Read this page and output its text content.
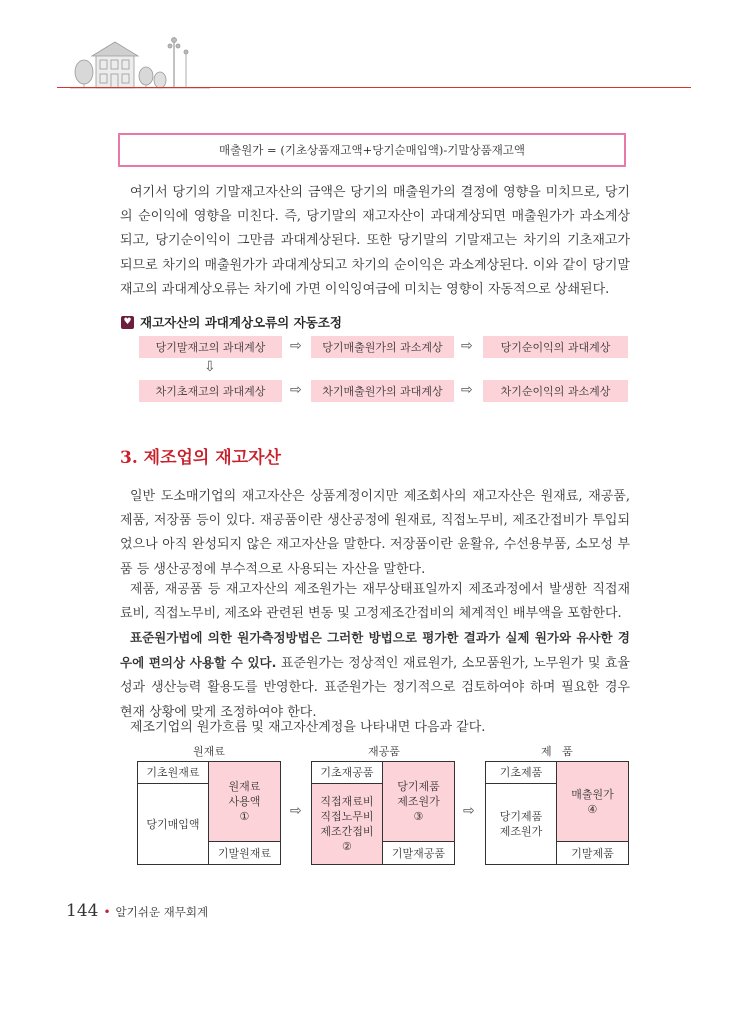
매출원가 = (기초상품재고액+당기순매입액)-기말상품재고액

여기서 당기의 기말재고자산의 금액은 당기의 매출원가의 결정에 영향을 미치므로, 당기의 순이익에 영향을 미친다. 즉, 당기말의 재고자산이 과대계상되면 매출원가가 과소계상되고, 당기순이익이 그만큼 과대계상된다. 또한 당기말의 기말재고는 차기의 기초재고가 되므로 차기의 매출원가가 과대계상되고 차기의 순이익은 과소계상된다. 이와 같이 당기말 재고의 과대계상오류는 차기에 가면 이익잉여금에 미치는 영향이 자동적으로 상쇄된다.

♥ 재고자산의 과대계상오류의 자동조정
당기말재고의 과대계상 ⇨ 당기매출원가의 과소계상 ⇨	당기순이익의 과대계상
⇩
차기초재고의 과대계상 ⇨ 차기매출원가의 과대계상 ⇨	차기순이익의 과소계상
3. 제조업의 재고자산

일반 도소매기업의 재고자산은 상품계정이지만 제조회사의 재고자산은 원재료, 재공품, 제품, 저장품 등이 있다. 재공품이란 생산공정에 원재료, 직접노무비, 제조간접비가 투입되었으나 아직 완성되지 않은 재고자산을 말한다. 저장품이란 윤활유, 수선용부품, 소모성 부품 등 생산공정에 부수적으로 사용되는 자산을 말한다.

제품, 재공품 등 재고자산의 제조원가는 재무상태표일까지 제조과정에서 발생한 직접재료비, 직접노무비, 제조와 관련된 변동 및 고정제조간접비의 체계적인 배부액을 포함한다.

표준원가법에 의한 원가측정방법은 그러한 방법으로 평가한 결과가 실제 원가와 유사한 경우에 편의상 사용할 수 있다. 표준원가는 정상적인 재료원가, 소모품원가, 노무원가 및 효율성과 생산능력 활용도를 반영한다. 표준원가는 정기적으로 검토하여야 하며 필요한 경우 현재 상황에 맞게 조정하여야 한다.

제조기업의 원가흐름 및 재고자산계정을 나타내면 다음과 같다.

원재료	재공품	제   품
기초원재료
당기매입액
원재료
사용액
①
기말원재료
⇨
기초재공품
직접재료비
직접노무비
제조간접비
②
당기제품
제조원가
③
기말재공품
⇨
기초제품
당기제품
제조원가
매출원가
④
기말제품
144 • 알기쉬운 재무회계
